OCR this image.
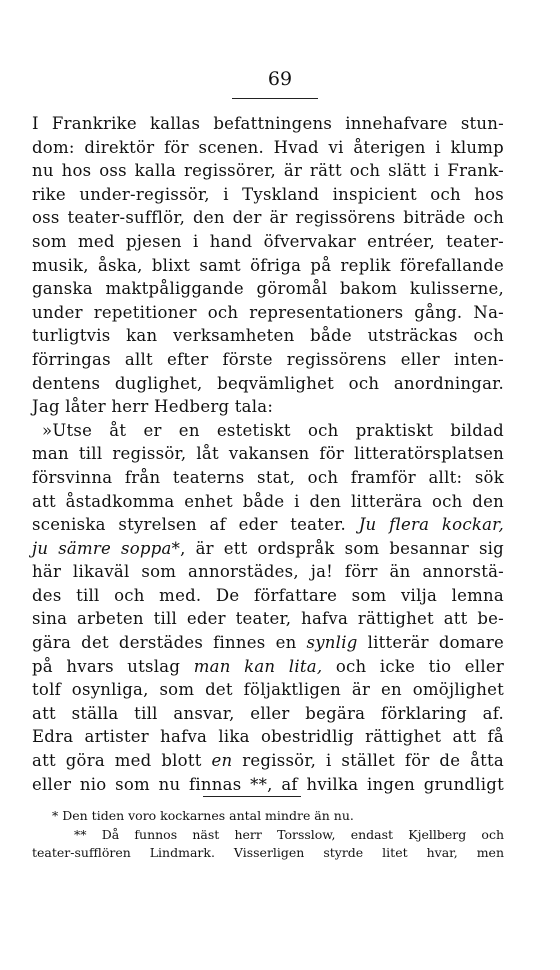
69
I Frankrike kallas befattningens innehafvare stun-
dom: direktör för scenen. Hvad vi återigen i klump
nu hos oss kalla regissörer, är rätt och slätt i Frank-
rike under-regissör, i Tyskland inspicient och hos
oss teater-sufflör, den der är regissörens biträde och
som med pjesen i hand öfvervakar entréer, teater-
musik, åska, blixt samt öfriga på replik förefallande
ganska maktpåliggande göromål bakom kulisserne,
under repetitioner och representationers gång. Na-
turligtvis kan verksamheten både utsträckas och
förringas allt efter förste regissörens eller inten-
dentens duglighet, beqvämlighet och anordningar.
Jag låter herr Hedberg tala:
»Utse åt er en estetiskt och praktiskt bildad
man till regissör, låt vakansen för litteratörsplatsen
försvinna från teaterns stat, och framför allt: sök
att åstadkomma enhet både i den litterära och den
sceniska styrelsen af eder teater. Ju flera kockar,
ju sämre soppa*, är ett ordspråk som besannar sig
här likaväl som annorstädes, ja! förr än annorstä-
des till och med. De författare som vilja lemna
sina arbeten till eder teater, hafva rättighet att be-
gära det derstädes finnes en synlig litterär domare
på hvars utslag man kan lita, och icke tio eller
tolf osynliga, som det följaktligen är en omöjlighet
att ställa till ansvar, eller begära förklaring af.
Edra artister hafva lika obestridlig rättighet att få
att göra med blott en regissör, i stället för de åtta
eller nio som nu finnas **, af hvilka ingen grundligt
* Den tiden voro kockarnes antal mindre än nu.
** Då funnos näst herr Torsslow, endast Kjellberg och
teater-sufflören Lindmark. Visserligen styrde litet hvar, men
